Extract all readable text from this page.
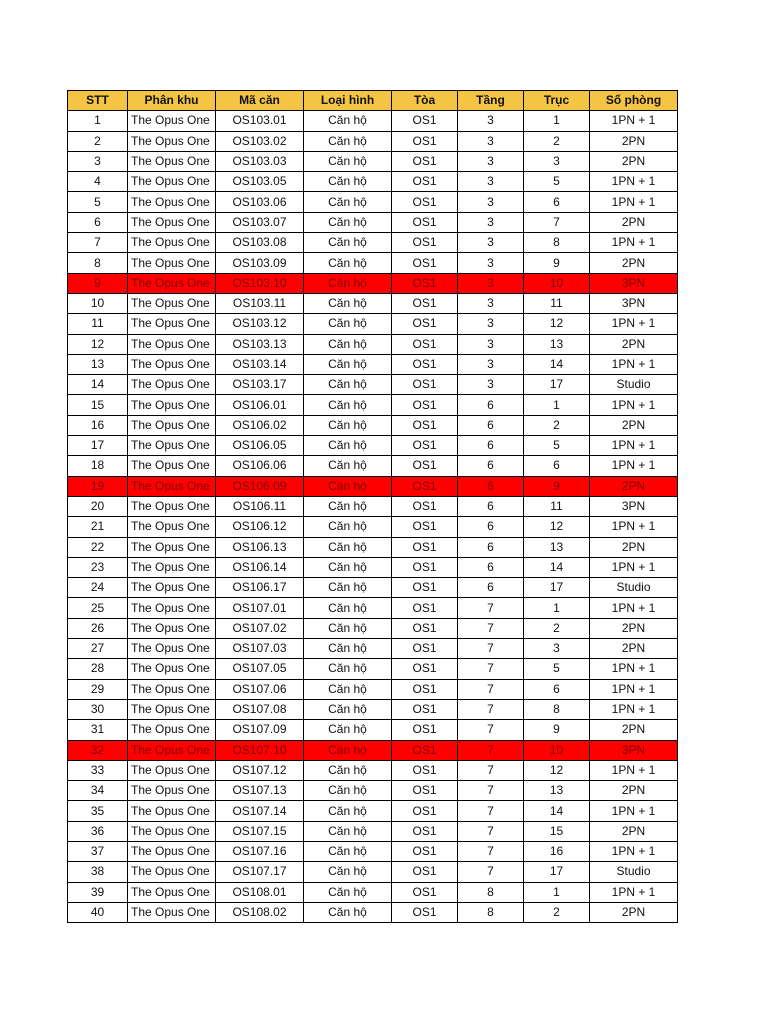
STT	Phân khu	Mã căn	Loại hình	Tòa	Tầng	Trục	Số phòng
1	The Opus One	OS103.01	Căn hộ	OS1	3	1	1PN + 1
2	The Opus One	OS103.02	Căn hộ	OS1	3	2	2PN
3	The Opus One	OS103.03	Căn hộ	OS1	3	3	2PN
4	The Opus One	OS103.05	Căn hộ	OS1	3	5	1PN + 1
5	The Opus One	OS103.06	Căn hộ	OS1	3	6	1PN + 1
6	The Opus One	OS103.07	Căn hộ	OS1	3	7	2PN
7	The Opus One	OS103.08	Căn hộ	OS1	3	8	1PN + 1
8	The Opus One	OS103.09	Căn hộ	OS1	3	9	2PN
9	The Opus One	OS103.10	Căn hộ	OS1	3	10	3PN
10	The Opus One	OS103.11	Căn hộ	OS1	3	11	3PN
11	The Opus One	OS103.12	Căn hộ	OS1	3	12	1PN + 1
12	The Opus One	OS103.13	Căn hộ	OS1	3	13	2PN
13	The Opus One	OS103.14	Căn hộ	OS1	3	14	1PN + 1
14	The Opus One	OS103.17	Căn hộ	OS1	3	17	Studio
15	The Opus One	OS106.01	Căn hộ	OS1	6	1	1PN + 1
16	The Opus One	OS106.02	Căn hộ	OS1	6	2	2PN
17	The Opus One	OS106.05	Căn hộ	OS1	6	5	1PN + 1
18	The Opus One	OS106.06	Căn hộ	OS1	6	6	1PN + 1
19	The Opus One	OS106.09	Căn hộ	OS1	6	9	2PN
20	The Opus One	OS106.11	Căn hộ	OS1	6	11	3PN
21	The Opus One	OS106.12	Căn hộ	OS1	6	12	1PN + 1
22	The Opus One	OS106.13	Căn hộ	OS1	6	13	2PN
23	The Opus One	OS106.14	Căn hộ	OS1	6	14	1PN + 1
24	The Opus One	OS106.17	Căn hộ	OS1	6	17	Studio
25	The Opus One	OS107.01	Căn hộ	OS1	7	1	1PN + 1
26	The Opus One	OS107.02	Căn hộ	OS1	7	2	2PN
27	The Opus One	OS107.03	Căn hộ	OS1	7	3	2PN
28	The Opus One	OS107.05	Căn hộ	OS1	7	5	1PN + 1
29	The Opus One	OS107.06	Căn hộ	OS1	7	6	1PN + 1
30	The Opus One	OS107.08	Căn hộ	OS1	7	8	1PN + 1
31	The Opus One	OS107.09	Căn hộ	OS1	7	9	2PN
32	The Opus One	OS107.10	Căn hộ	OS1	7	10	3PN
33	The Opus One	OS107.12	Căn hộ	OS1	7	12	1PN + 1
34	The Opus One	OS107.13	Căn hộ	OS1	7	13	2PN
35	The Opus One	OS107.14	Căn hộ	OS1	7	14	1PN + 1
36	The Opus One	OS107.15	Căn hộ	OS1	7	15	2PN
37	The Opus One	OS107.16	Căn hộ	OS1	7	16	1PN + 1
38	The Opus One	OS107.17	Căn hộ	OS1	7	17	Studio
39	The Opus One	OS108.01	Căn hộ	OS1	8	1	1PN + 1
40	The Opus One	OS108.02	Căn hộ	OS1	8	2	2PN
